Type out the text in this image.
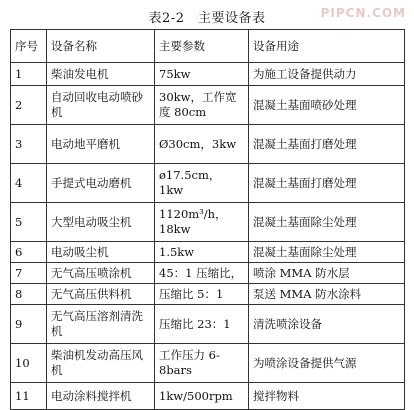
表2-2　主要设备表	PIPCN.COM
序号	设备名称	主要参数	设备用途
1	柴油发电机	75kw	为施工设备提供动力
2	自动回收电动喷砂机	30kw，工作宽度 80cm	混凝土基面喷砂处理
3	电动地平磨机	Ø30cm，3kw	混凝土基面打磨处理
4	手提式电动磨机	ø17.5cm，1kw	混凝土基面打磨处理
5	大型电动吸尘机	1120m³/h，18kw	混凝土基面除尘处理
6	电动吸尘机	1.5kw	混凝土基面除尘处理
7	无气高压喷涂机	45：1 压缩比，	喷涂 MMA 防水层
8	无气高压供料机	压缩比 5：1	泵送 MMA 防水涂料
9	无气高压溶剂清洗机	压缩比 23：1	清洗喷涂设备
10	柴油机发动高压风机	工作压力 6-8bars	为喷涂设备提供气源
11	电动涂料搅拌机	1kw/500rpm	搅拌物料
